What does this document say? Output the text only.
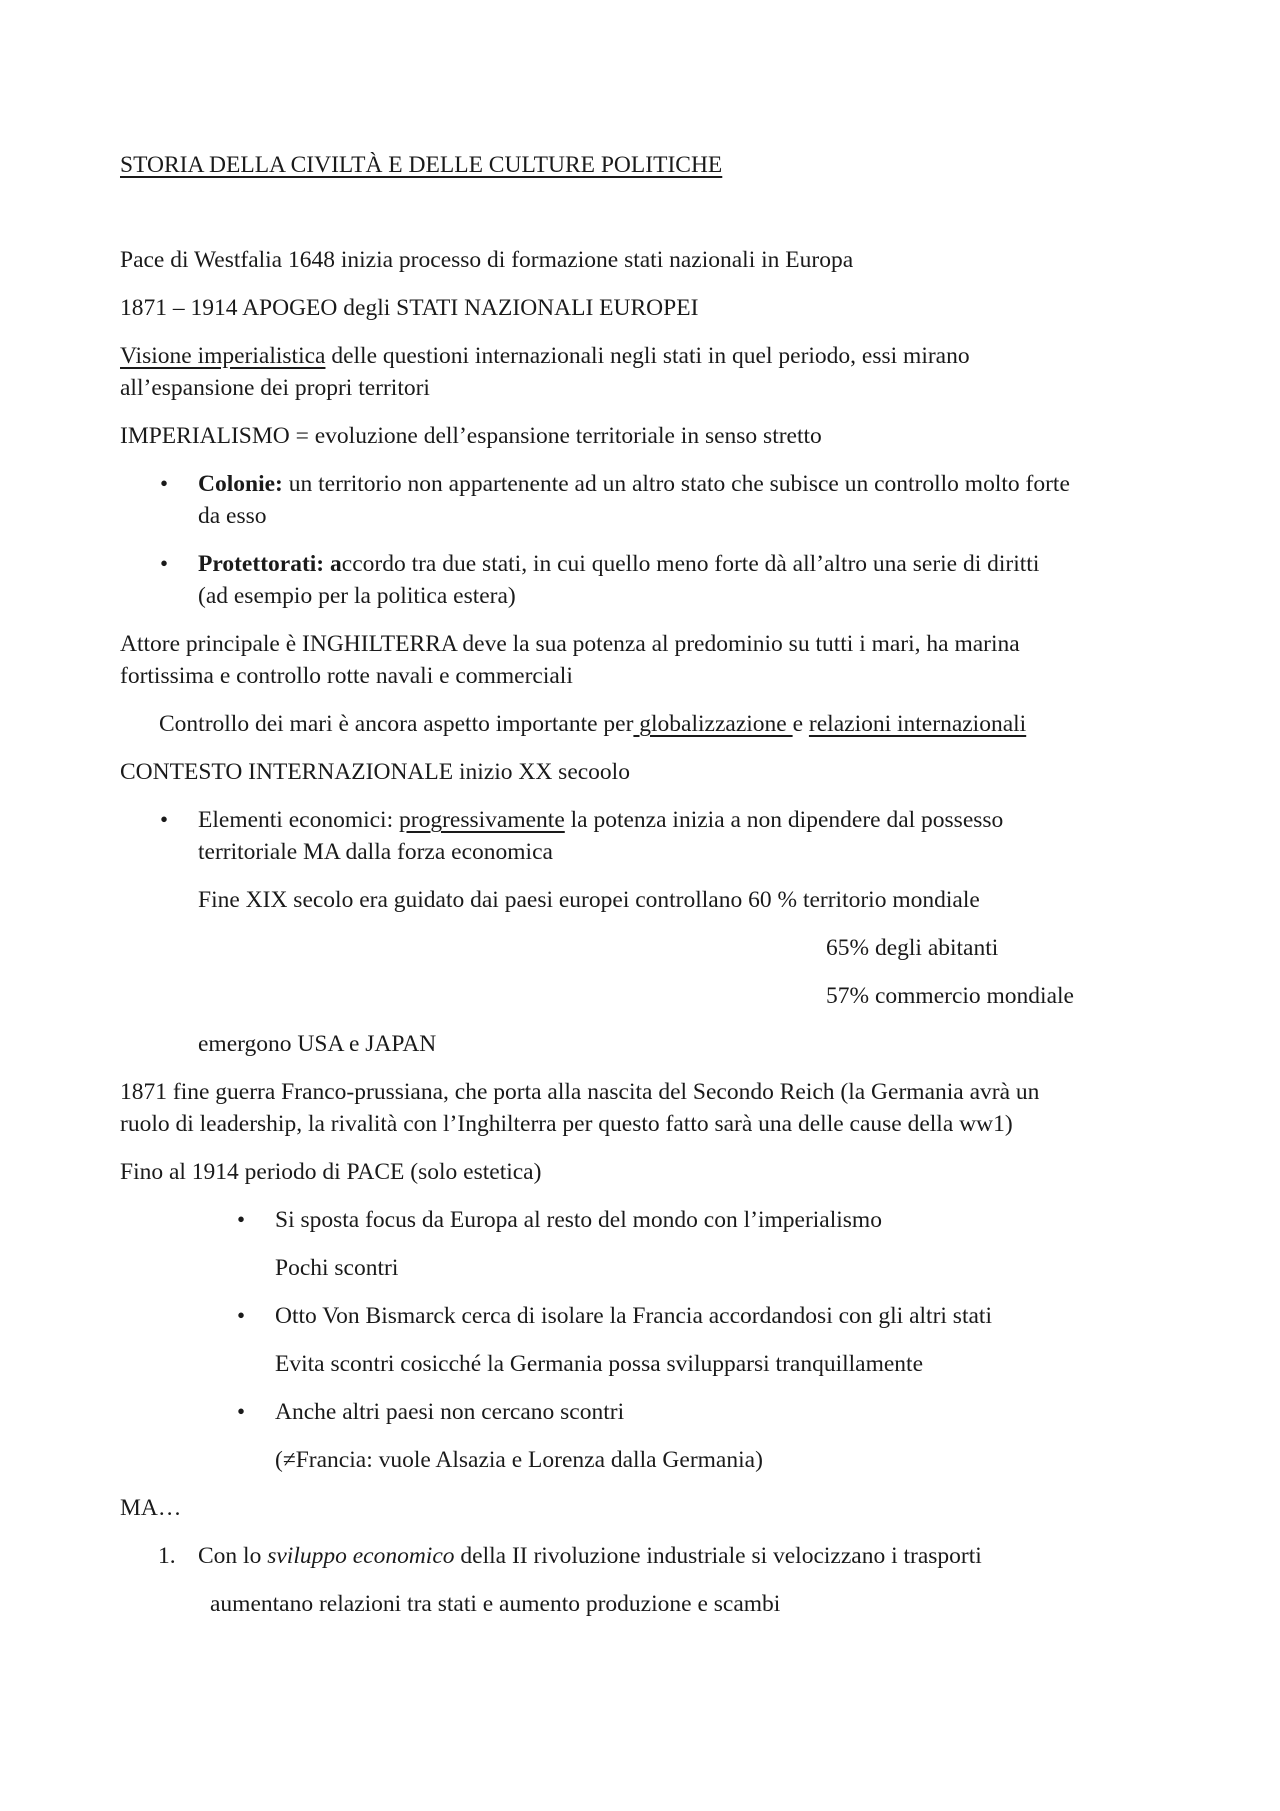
STORIA DELLA CIVILTÀ E DELLE CULTURE POLITICHE
Pace di Westfalia 1648 inizia processo di formazione stati nazionali in Europa
1871 – 1914 APOGEO degli STATI NAZIONALI EUROPEI
Visione imperialistica delle questioni internazionali negli stati in quel periodo, essi mirano
all’espansione dei propri territori
IMPERIALISMO = evoluzione dell’espansione territoriale in senso stretto
• Colonie: un territorio non appartenente ad un altro stato che subisce un controllo molto forte
da esso
• Protettorati: accordo tra due stati, in cui quello meno forte dà all’altro una serie di diritti
(ad esempio per la politica estera)
Attore principale è INGHILTERRA deve la sua potenza al predominio su tutti i mari, ha marina
fortissima e controllo rotte navali e commerciali
Controllo dei mari è ancora aspetto importante per globalizzazione e relazioni internazionali
CONTESTO INTERNAZIONALE inizio XX secoolo
• Elementi economici: progressivamente la potenza inizia a non dipendere dal possesso
territoriale MA dalla forza economica
Fine XIX secolo era guidato dai paesi europei controllano 60 % territorio mondiale
65% degli abitanti
57% commercio mondiale
emergono USA e JAPAN
1871 fine guerra Franco-prussiana, che porta alla nascita del Secondo Reich (la Germania avrà un
ruolo di leadership, la rivalità con l’Inghilterra per questo fatto sarà una delle cause della ww1)
Fino al 1914 periodo di PACE (solo estetica)
• Si sposta focus da Europa al resto del mondo con l’imperialismo
Pochi scontri
• Otto Von Bismarck cerca di isolare la Francia accordandosi con gli altri stati
Evita scontri cosicché la Germania possa svilupparsi tranquillamente
• Anche altri paesi non cercano scontri
(≠Francia: vuole Alsazia e Lorenza dalla Germania)
MA…
1. Con lo sviluppo economico della II rivoluzione industriale si velocizzano i trasporti
aumentano relazioni tra stati e aumento produzione e scambi
